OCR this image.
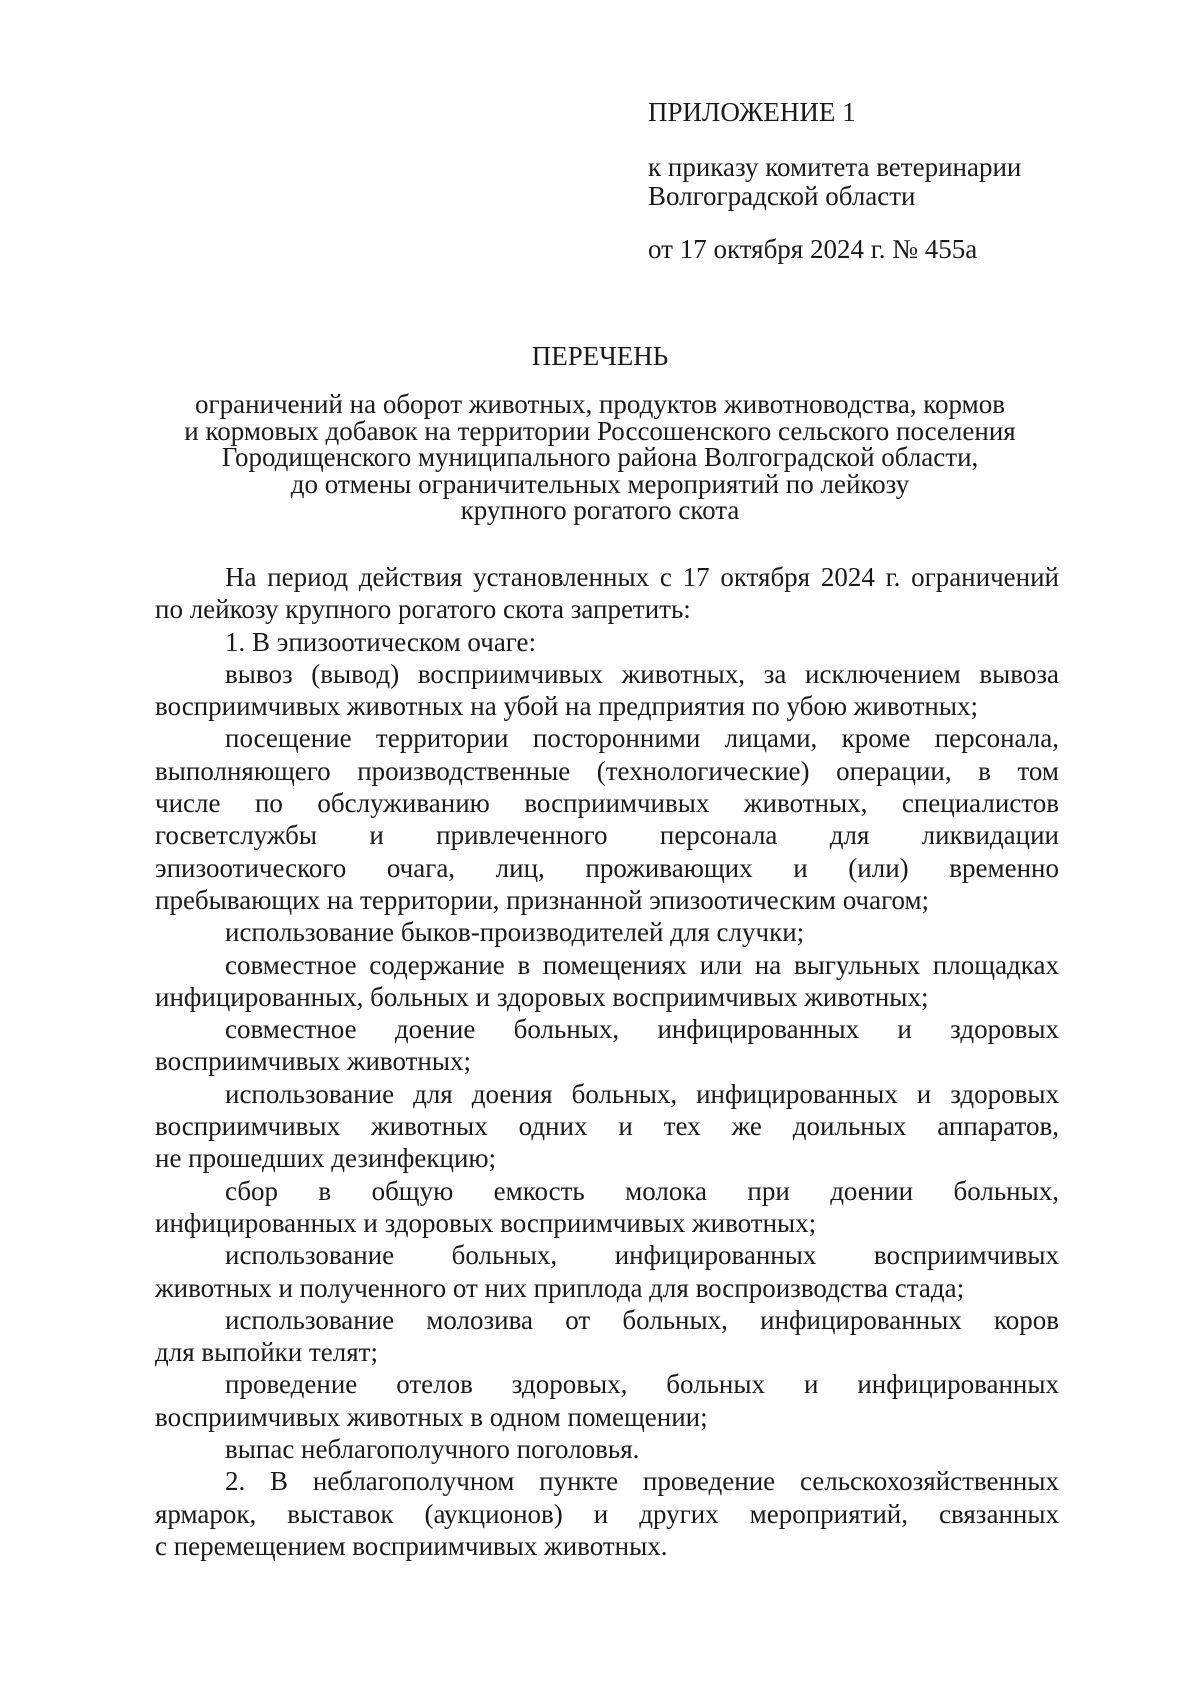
ПРИЛОЖЕНИЕ 1
к приказу комитета ветеринарии
Волгоградской области
от 17 октября 2024 г. № 455а
ПЕРЕЧЕНЬ
ограничений на оборот животных, продуктов животноводства, кормов
и кормовых добавок на территории Россошенского сельского поселения
Городищенского муниципального района Волгоградской области,
до отмены ограничительных мероприятий по лейкозу
крупного рогатого скота
На период действия установленных с 17 октября 2024 г. ограничений
по лейкозу крупного рогатого скота запретить:
1. В эпизоотическом очаге:
вывоз (вывод) восприимчивых животных, за исключением вывоза
восприимчивых животных на убой на предприятия по убою животных;
посещение территории посторонними лицами, кроме персонала,
выполняющего производственные (технологические) операции, в том
числе по обслуживанию восприимчивых животных, специалистов
госветслужбы и привлеченного персонала для ликвидации
эпизоотического очага, лиц, проживающих и (или) временно
пребывающих на территории, признанной эпизоотическим очагом;
использование быков-производителей для случки;
совместное содержание в помещениях или на выгульных площадках
инфицированных, больных и здоровых восприимчивых животных;
совместное доение больных, инфицированных и здоровых
восприимчивых животных;
использование для доения больных, инфицированных и здоровых
восприимчивых животных одних и тех же доильных аппаратов,
не прошедших дезинфекцию;
сбор в общую емкость молока при доении больных,
инфицированных и здоровых восприимчивых животных;
использование больных, инфицированных восприимчивых
животных и полученного от них приплода для воспроизводства стада;
использование молозива от больных, инфицированных коров
для выпойки телят;
проведение отелов здоровых, больных и инфицированных
восприимчивых животных в одном помещении;
выпас неблагополучного поголовья.
2. В неблагополучном пункте проведение сельскохозяйственных
ярмарок, выставок (аукционов) и других мероприятий, связанных
с перемещением восприимчивых животных.
